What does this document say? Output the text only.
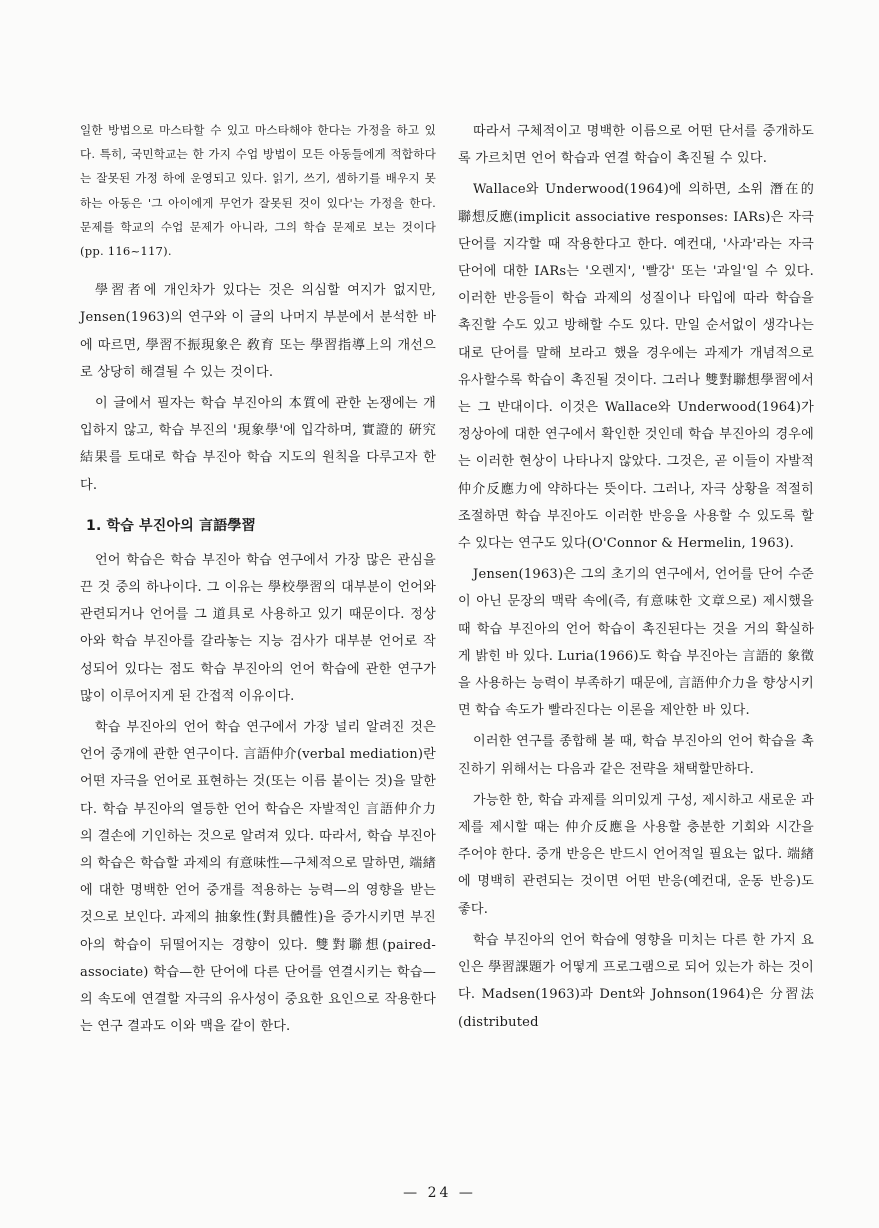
일한 방법으로 마스타할 수 있고 마스타해야 한다는 가정을 하고 있다. 특히, 국민학교는 한 가지 수업 방법이 모든 아동들에게 적합하다는 잘못된 가정 하에 운영되고 있다. 읽기, 쓰기, 셈하기를 배우지 못하는 아동은 '그 아이에게 무언가 잘못된 것이 있다'는 가정을 한다. 문제를 학교의 수업 문제가 아니라, 그의 학습 문제로 보는 것이다(pp. 116~117).

學習者에 개인차가 있다는 것은 의심할 여지가 없지만, Jensen(1963)의 연구와 이 글의 나머지 부분에서 분석한 바에 따르면, 學習不振現象은 敎育 또는 學習指導上의 개선으로 상당히 해결될 수 있는 것이다.

이 글에서 필자는 학습 부진아의 本質에 관한 논쟁에는 개입하지 않고, 학습 부진의 '現象學'에 입각하며, 實證的 硏究結果를 토대로 학습 부진아 학습 지도의 원칙을 다루고자 한다.

1. 학습 부진아의 言語學習

언어 학습은 학습 부진아 학습 연구에서 가장 많은 관심을 끈 것 중의 하나이다. 그 이유는 學校學習의 대부분이 언어와 관련되거나 언어를 그 道具로 사용하고 있기 때문이다. 정상아와 학습 부진아를 갈라놓는 지능 검사가 대부분 언어로 작성되어 있다는 점도 학습 부진아의 언어 학습에 관한 연구가 많이 이루어지게 된 간접적 이유이다.

학습 부진아의 언어 학습 연구에서 가장 널리 알려진 것은 언어 중개에 관한 연구이다. 言語仲介(verbal mediation)란 어떤 자극을 언어로 표현하는 것(또는 이름 붙이는 것)을 말한다. 학습 부진아의 열등한 언어 학습은 자발적인 言語仲介力의 결손에 기인하는 것으로 알려져 있다. 따라서, 학습 부진아의 학습은 학습할 과제의 有意味性—구체적으로 말하면, 端緖에 대한 명백한 언어 중개를 적용하는 능력—의 영향을 받는 것으로 보인다. 과제의 抽象性(對具體性)을 증가시키면 부진아의 학습이 뒤떨어지는 경향이 있다. 雙對聯想(paired-associate) 학습—한 단어에 다른 단어를 연결시키는 학습—의 속도에 연결할 자극의 유사성이 중요한 요인으로 작용한다는 연구 결과도 이와 맥을 같이 한다.

따라서 구체적이고 명백한 이름으로 어떤 단서를 중개하도록 가르치면 언어 학습과 연결 학습이 촉진될 수 있다.

Wallace와 Underwood(1964)에 의하면, 소위 潛在的 聯想反應(implicit associative responses: IARs)은 자극 단어를 지각할 때 작용한다고 한다. 예컨대, '사과'라는 자극 단어에 대한 IARs는 '오렌지', '빨강' 또는 '과일'일 수 있다. 이러한 반응들이 학습 과제의 성질이나 타입에 따라 학습을 촉진할 수도 있고 방해할 수도 있다. 만일 순서없이 생각나는대로 단어를 말해 보라고 했을 경우에는 과제가 개념적으로 유사할수록 학습이 촉진될 것이다. 그러나 雙對聯想學習에서는 그 반대이다. 이것은 Wallace와 Underwood(1964)가 정상아에 대한 연구에서 확인한 것인데 학습 부진아의 경우에는 이러한 현상이 나타나지 않았다. 그것은, 곧 이들이 자발적 仲介反應力에 약하다는 뜻이다. 그러나, 자극 상황을 적절히 조절하면 학습 부진아도 이러한 반응을 사용할 수 있도록 할 수 있다는 연구도 있다(O'Connor & Hermelin, 1963).

Jensen(1963)은 그의 초기의 연구에서, 언어를 단어 수준이 아닌 문장의 맥락 속에(즉, 有意味한 文章으로) 제시했을 때 학습 부진아의 언어 학습이 촉진된다는 것을 거의 확실하게 밝힌 바 있다. Luria(1966)도 학습 부진아는 言語的 象徵을 사용하는 능력이 부족하기 때문에, 言語仲介力을 향상시키면 학습 속도가 빨라진다는 이론을 제안한 바 있다.

이러한 연구를 종합해 볼 때, 학습 부진아의 언어 학습을 촉진하기 위해서는 다음과 같은 전략을 채택할만하다.

가능한 한, 학습 과제를 의미있게 구성, 제시하고 새로운 과제를 제시할 때는 仲介反應을 사용할 충분한 기회와 시간을 주어야 한다. 중개 반응은 반드시 언어적일 필요는 없다. 端緖에 명백히 관련되는 것이면 어떤 반응(예컨대, 운동 반응)도 좋다.

학습 부진아의 언어 학습에 영향을 미치는 다른 한 가지 요인은 學習課題가 어떻게 프로그램으로 되어 있는가 하는 것이다. Madsen(1963)과 Dent와 Johnson(1964)은 分習法(distributed

— 24 —
